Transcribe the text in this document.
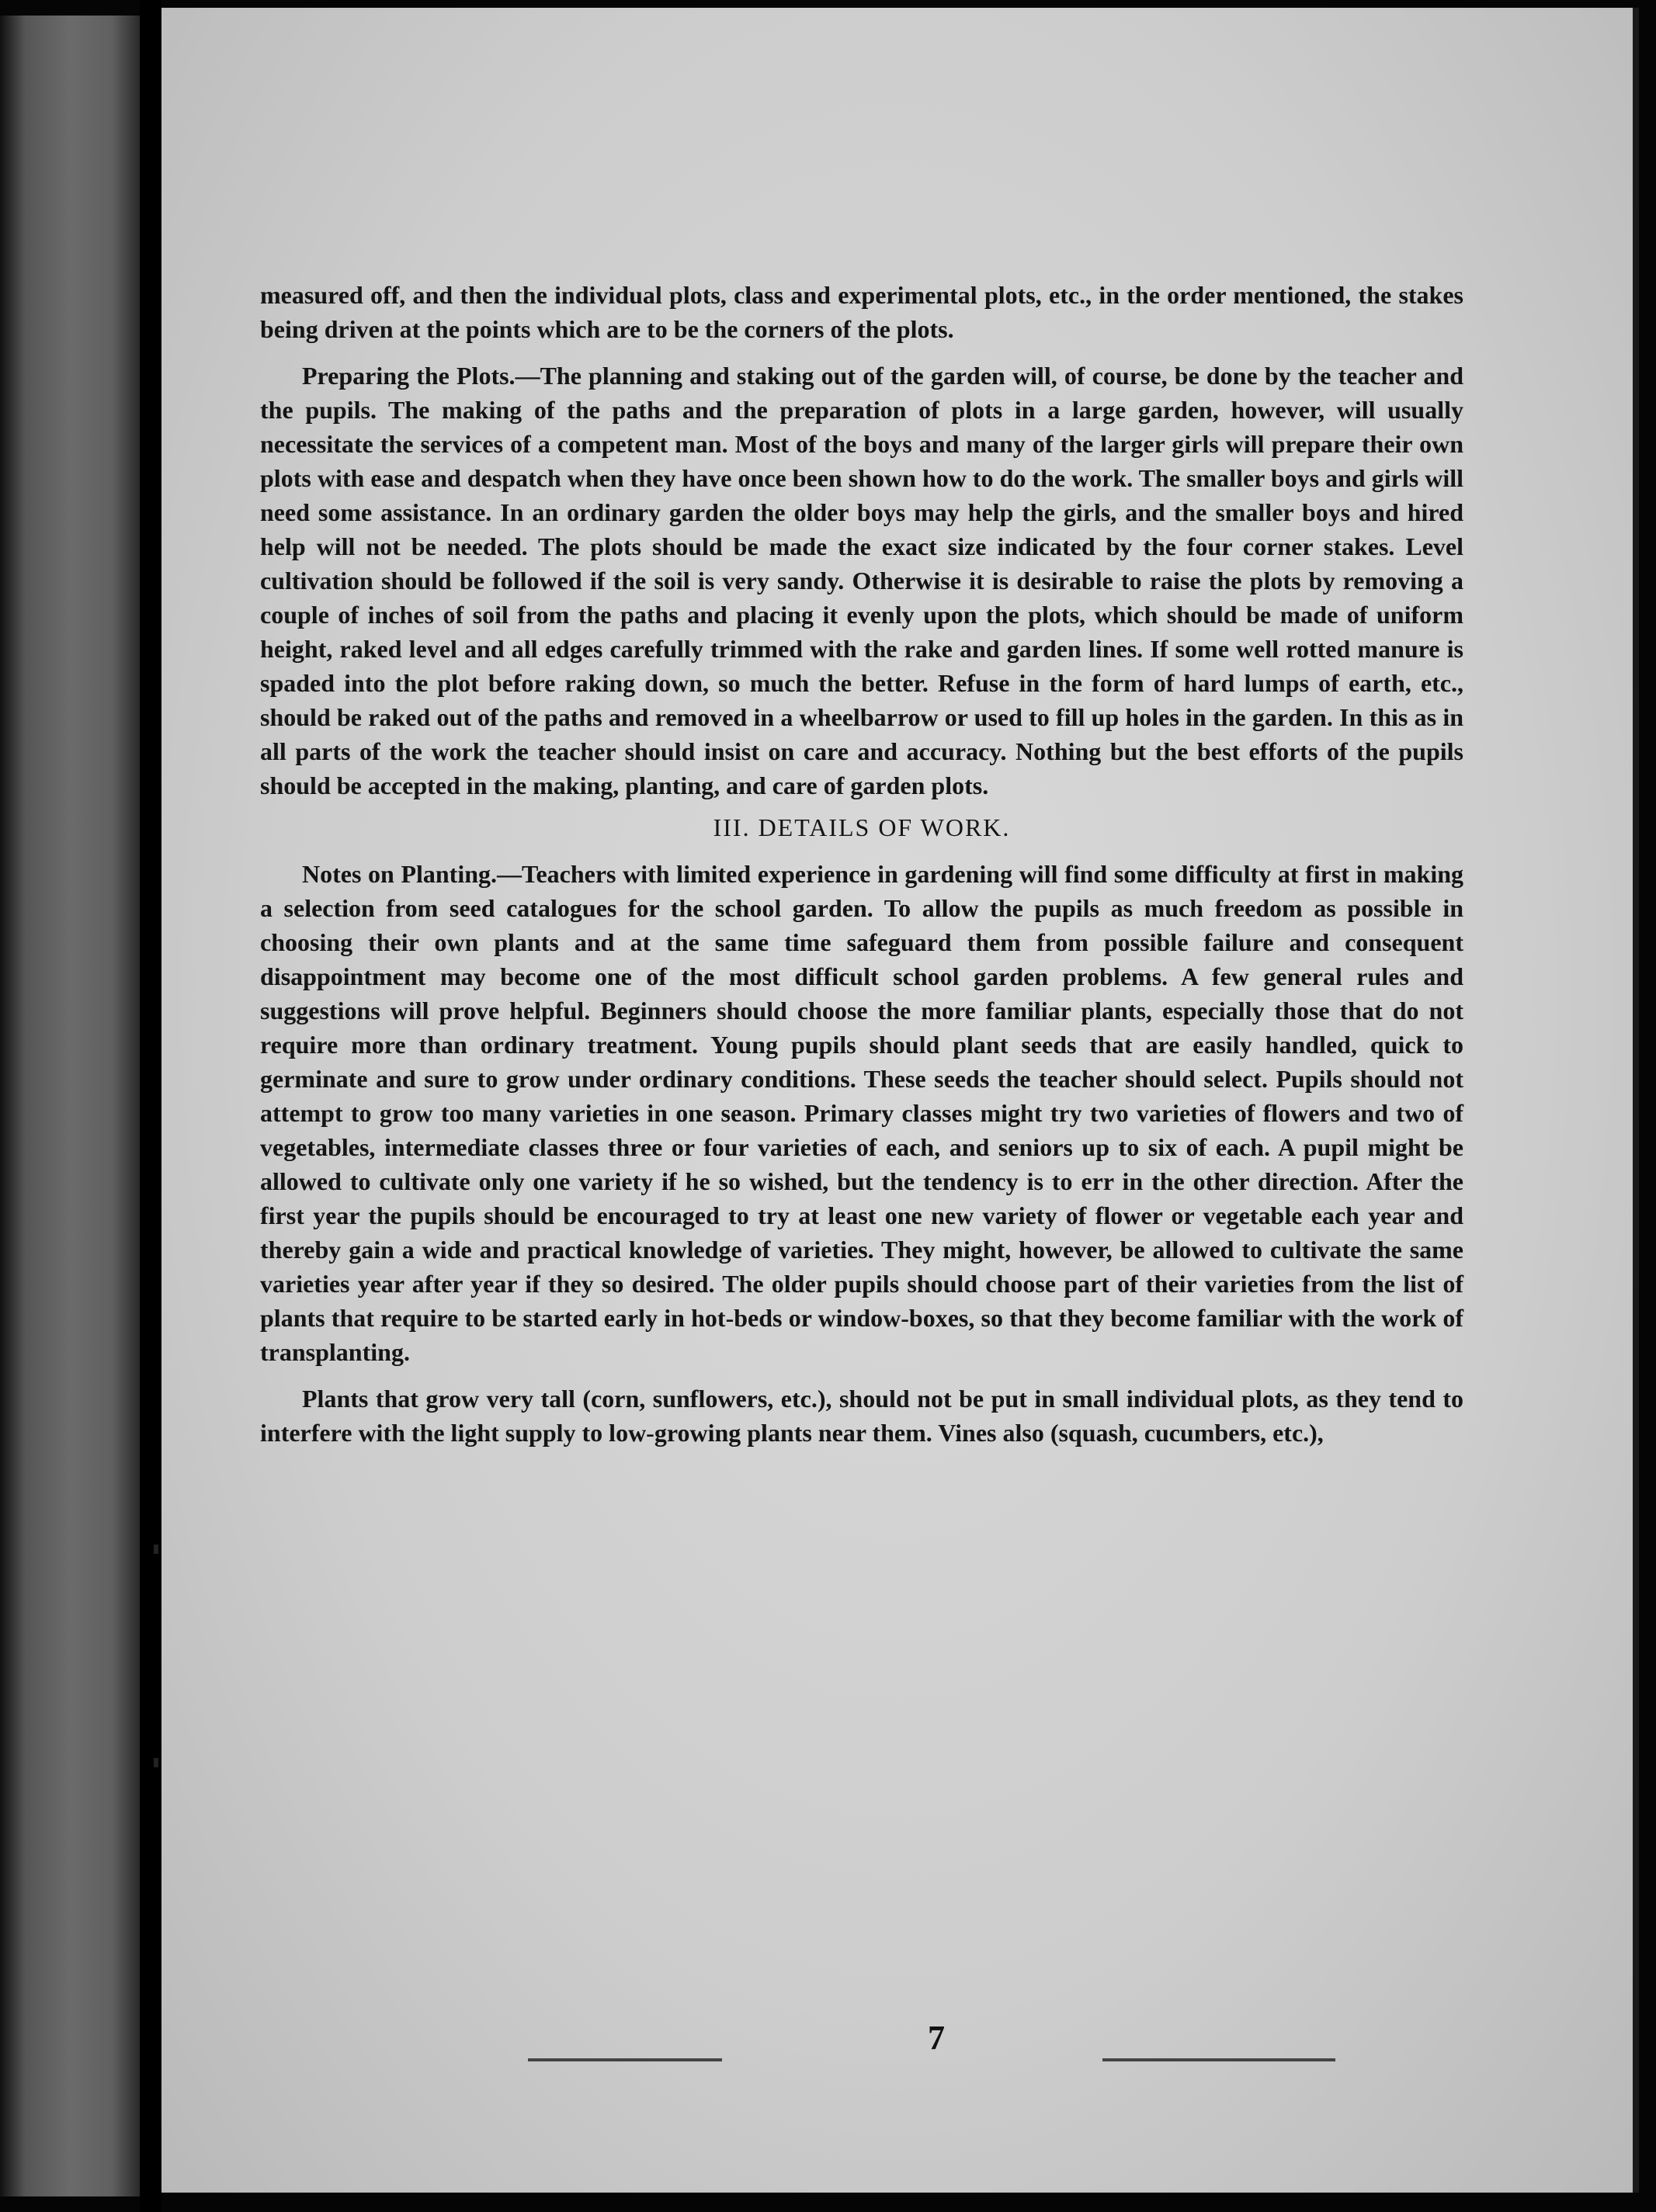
measured off, and then the individual plots, class and experimental plots, etc., in the order mentioned, the stakes being driven at the points which are to be the corners of the plots.

Preparing the Plots.—The planning and staking out of the garden will, of course, be done by the teacher and the pupils. The making of the paths and the preparation of plots in a large garden, however, will usually necessitate the services of a competent man. Most of the boys and many of the larger girls will prepare their own plots with ease and despatch when they have once been shown how to do the work. The smaller boys and girls will need some assistance. In an ordinary garden the older boys may help the girls, and the smaller boys and hired help will not be needed. The plots should be made the exact size indicated by the four corner stakes. Level cultivation should be followed if the soil is very sandy. Otherwise it is desirable to raise the plots by removing a couple of inches of soil from the paths and placing it evenly upon the plots, which should be made of uniform height, raked level and all edges carefully trimmed with the rake and garden lines. If some well rotted manure is spaded into the plot before raking down, so much the better. Refuse in the form of hard lumps of earth, etc., should be raked out of the paths and removed in a wheelbarrow or used to fill up holes in the garden. In this as in all parts of the work the teacher should insist on care and accuracy. Nothing but the best efforts of the pupils should be accepted in the making, planting, and care of garden plots.

III. DETAILS OF WORK.

Notes on Planting.—Teachers with limited experience in gardening will find some difficulty at first in making a selection from seed catalogues for the school garden. To allow the pupils as much freedom as possible in choosing their own plants and at the same time safeguard them from possible failure and consequent disappointment may become one of the most difficult school garden problems. A few general rules and suggestions will prove helpful. Beginners should choose the more familiar plants, especially those that do not require more than ordinary treatment. Young pupils should plant seeds that are easily handled, quick to germinate and sure to grow under ordinary conditions. These seeds the teacher should select. Pupils should not attempt to grow too many varieties in one season. Primary classes might try two varieties of flowers and two of vegetables, intermediate classes three or four varieties of each, and seniors up to six of each. A pupil might be allowed to cultivate only one variety if he so wished, but the tendency is to err in the other direction. After the first year the pupils should be encouraged to try at least one new variety of flower or vegetable each year and thereby gain a wide and practical knowledge of varieties. They might, however, be allowed to cultivate the same varieties year after year if they so desired. The older pupils should choose part of their varieties from the list of plants that require to be started early in hot-beds or window-boxes, so that they become familiar with the work of transplanting.

Plants that grow very tall (corn, sunflowers, etc.), should not be put in small individual plots, as they tend to interfere with the light supply to low-growing plants near them. Vines also (squash, cucumbers, etc.),

7
